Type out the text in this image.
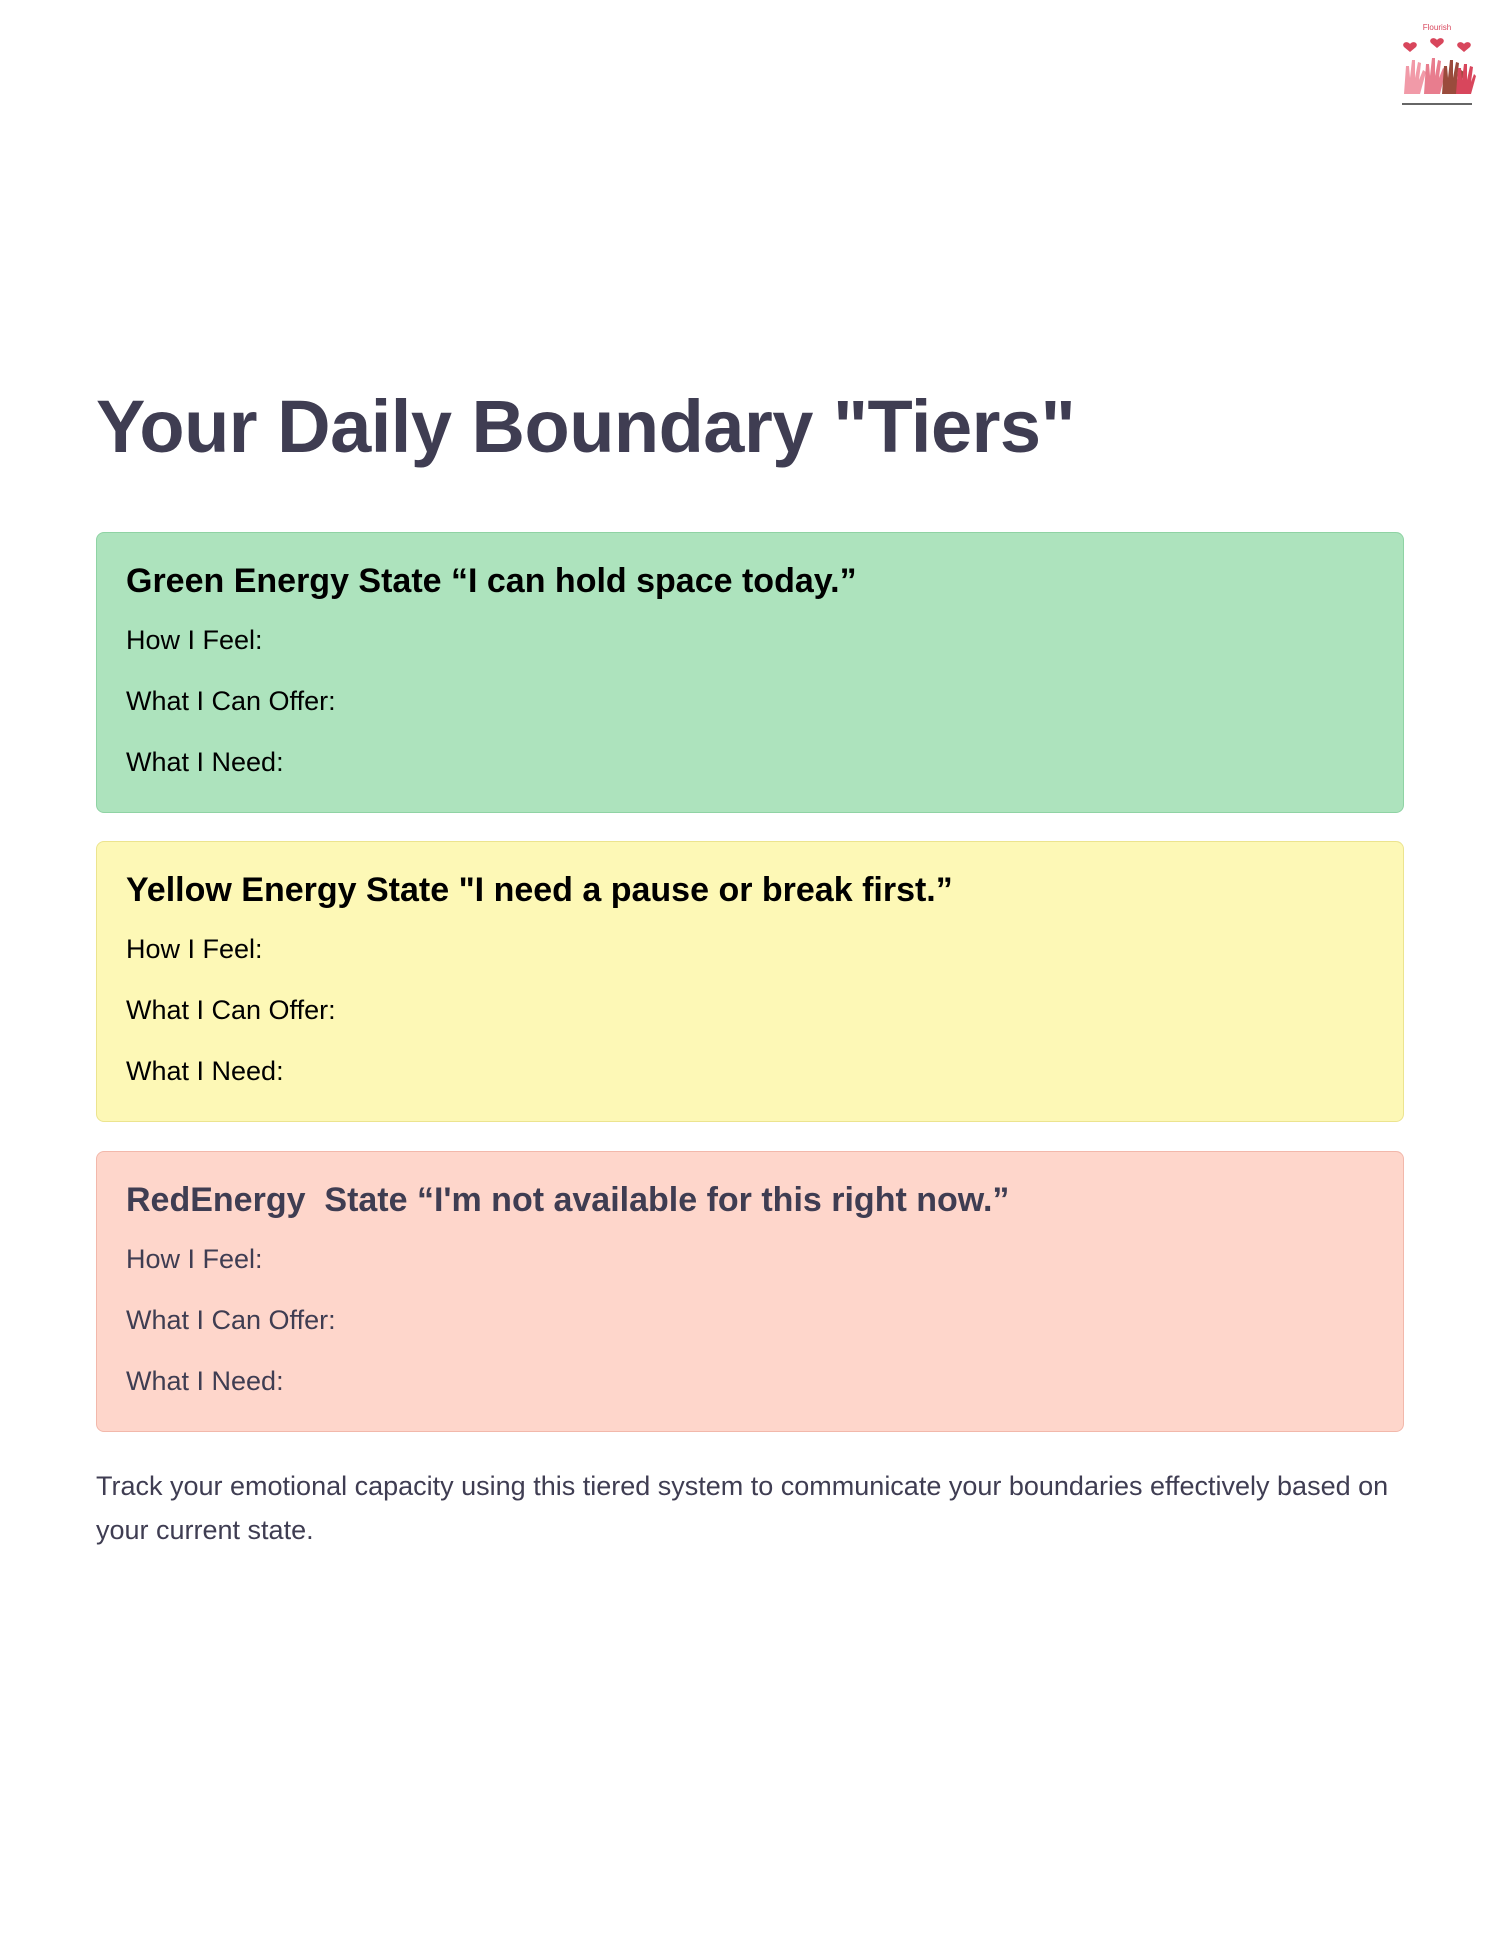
Flourish
Your Daily Boundary "Tiers"
Green Energy State “I can hold space today.”

How I Feel:

What I Can Offer:

What I Need:

Yellow Energy State "I need a pause or break first.”

How I Feel:

What I Can Offer:

What I Need:

RedEnergy  State “I'm not available for this right now.”

How I Feel:

What I Can Offer:

What I Need:

Track your emotional capacity using this tiered system to communicate your boundaries effectively based on your current state.
